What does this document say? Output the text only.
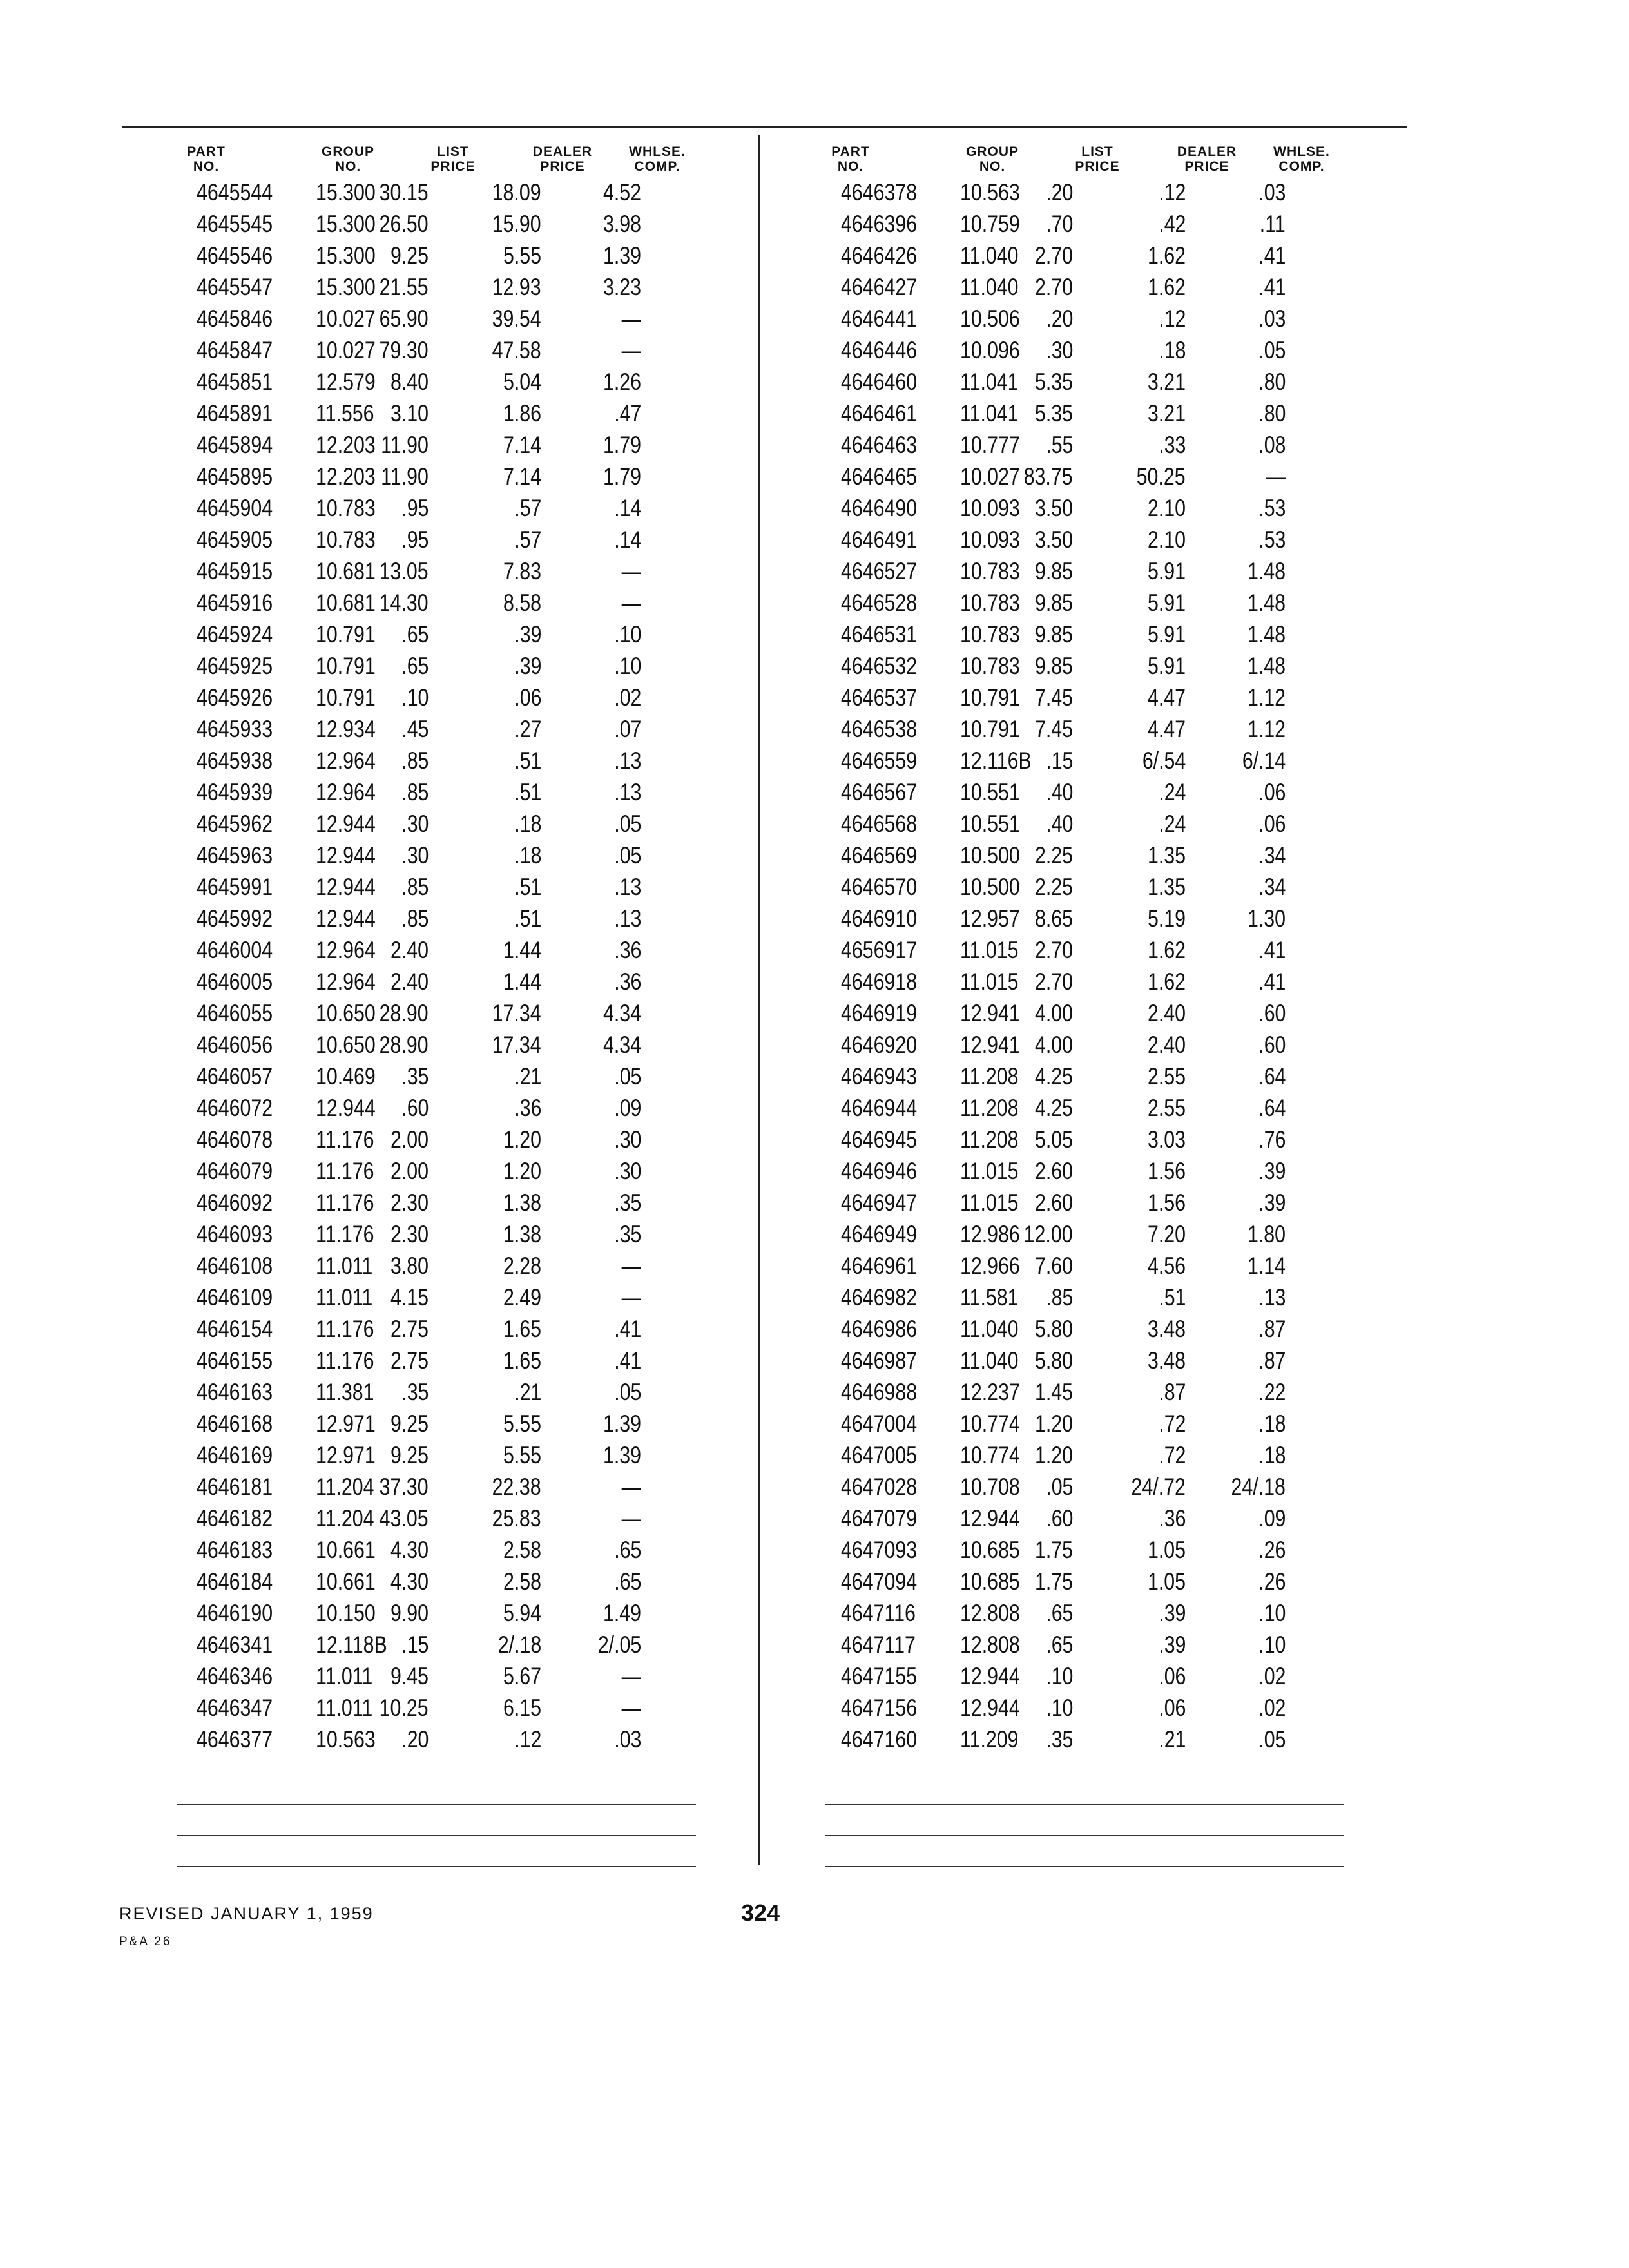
PART
NO.
GROUP
NO.
LIST
PRICE
DEALER
PRICE
WHLSE.
COMP.
4645544 15.300 30.15	18.09	4.52
4645545 15.300 26.50	15.90	3.98
4645546 15.300 9.25	5.55	1.39
4645547 15.300 21.55	12.93	3.23
4645846 10.027 65.90	39.54	—
4645847 10.027 79.30	47.58	—
4645851 12.579 8.40	5.04	1.26
4645891 11.556 3.10	1.86	.47
4645894 12.203 11.90	7.14	1.79
4645895 12.203 11.90	7.14	1.79
4645904 10.783 .95	.57	.14
4645905 10.783 .95	.57	.14
4645915 10.681 13.05	7.83	—
4645916 10.681 14.30	8.58	—
4645924 10.791 .65	.39	.10
4645925 10.791 .65	.39	.10
4645926 10.791 .10	.06	.02
4645933 12.934 .45	.27	.07
4645938 12.964 .85	.51	.13
4645939 12.964 .85	.51	.13
4645962 12.944 .30	.18	.05
4645963 12.944 .30	.18	.05
4645991 12.944 .85	.51	.13
4645992 12.944 .85	.51	.13
4646004 12.964 2.40	1.44	.36
4646005 12.964 2.40	1.44	.36
4646055 10.650 28.90	17.34	4.34
4646056 10.650 28.90	17.34	4.34
4646057 10.469 .35	.21	.05
4646072 12.944 .60	.36	.09
4646078 11.176 2.00	1.20	.30
4646079 11.176 2.00	1.20	.30
4646092 11.176 2.30	1.38	.35
4646093 11.176 2.30	1.38	.35
4646108 11.011 3.80	2.28	—
4646109 11.011 4.15	2.49	—
4646154 11.176 2.75	1.65	.41
4646155 11.176 2.75	1.65	.41
4646163 11.381 .35	.21	.05
4646168 12.971 9.25	5.55	1.39
4646169 12.971 9.25	5.55	1.39
4646181 11.204 37.30	22.38	—
4646182 11.204 43.05	25.83	—
4646183 10.661 4.30	2.58	.65
4646184 10.661 4.30	2.58	.65
4646190 10.150 9.90	5.94	1.49
4646341 12.118B .15	2/.18 2/.05
4646346 11.011 9.45	5.67	—
4646347 11.011 10.25	6.15	—
4646377 10.563 .20	.12	.03
PART
NO.
GROUP
NO.
LIST
PRICE
DEALER
PRICE
WHLSE.
COMP.
4646378 10.563 .20	.12	.03
4646396 10.759 .70	.42	.11
4646426 11.040 2.70	1.62	.41
4646427 11.040 2.70	1.62	.41
4646441 10.506 .20	.12	.03
4646446 10.096 .30	.18	.05
4646460 11.041 5.35	3.21	.80
4646461 11.041 5.35	3.21	.80
4646463 10.777 .55	.33	.08
4646465 10.027 83.75	50.25	—
4646490 10.093 3.50	2.10	.53
4646491 10.093 3.50	2.10	.53
4646527 10.783 9.85	5.91	1.48
4646528 10.783 9.85	5.91	1.48
4646531 10.783 9.85	5.91	1.48
4646532 10.783 9.85	5.91	1.48
4646537 10.791 7.45	4.47	1.12
4646538 10.791 7.45	4.47	1.12
4646559 12.116B .15	6/.54 6/.14
4646567 10.551 .40	.24	.06
4646568 10.551 .40	.24	.06
4646569 10.500 2.25	1.35	.34
4646570 10.500 2.25	1.35	.34
4646910 12.957 8.65	5.19	1.30
4656917 11.015 2.70	1.62	.41
4646918 11.015 2.70	1.62	.41
4646919 12.941 4.00	2.40	.60
4646920 12.941 4.00	2.40	.60
4646943 11.208 4.25	2.55	.64
4646944 11.208 4.25	2.55	.64
4646945 11.208 5.05	3.03	.76
4646946 11.015 2.60	1.56	.39
4646947 11.015 2.60	1.56	.39
4646949 12.986 12.00	7.20	1.80
4646961 12.966 7.60	4.56	1.14
4646982 11.581 .85	.51	.13
4646986 11.040 5.80	3.48	.87
4646987 11.040 5.80	3.48	.87
4646988 12.237 1.45	.87	.22
4647004 10.774 1.20	.72	.18
4647005 10.774 1.20	.72	.18
4647028 10.708 .05 24/.72 24/.18
4647079 12.944 .60	.36	.09
4647093 10.685 1.75	1.05	.26
4647094 10.685 1.75	1.05	.26
4647116 12.808 .65	.39	.10
4647117 12.808 .65	.39	.10
4647155 12.944 .10	.06	.02
4647156 12.944 .10	.06	.02
4647160 11.209 .35	.21	.05
REVISED JANUARY 1, 1959
P&A 26
324
